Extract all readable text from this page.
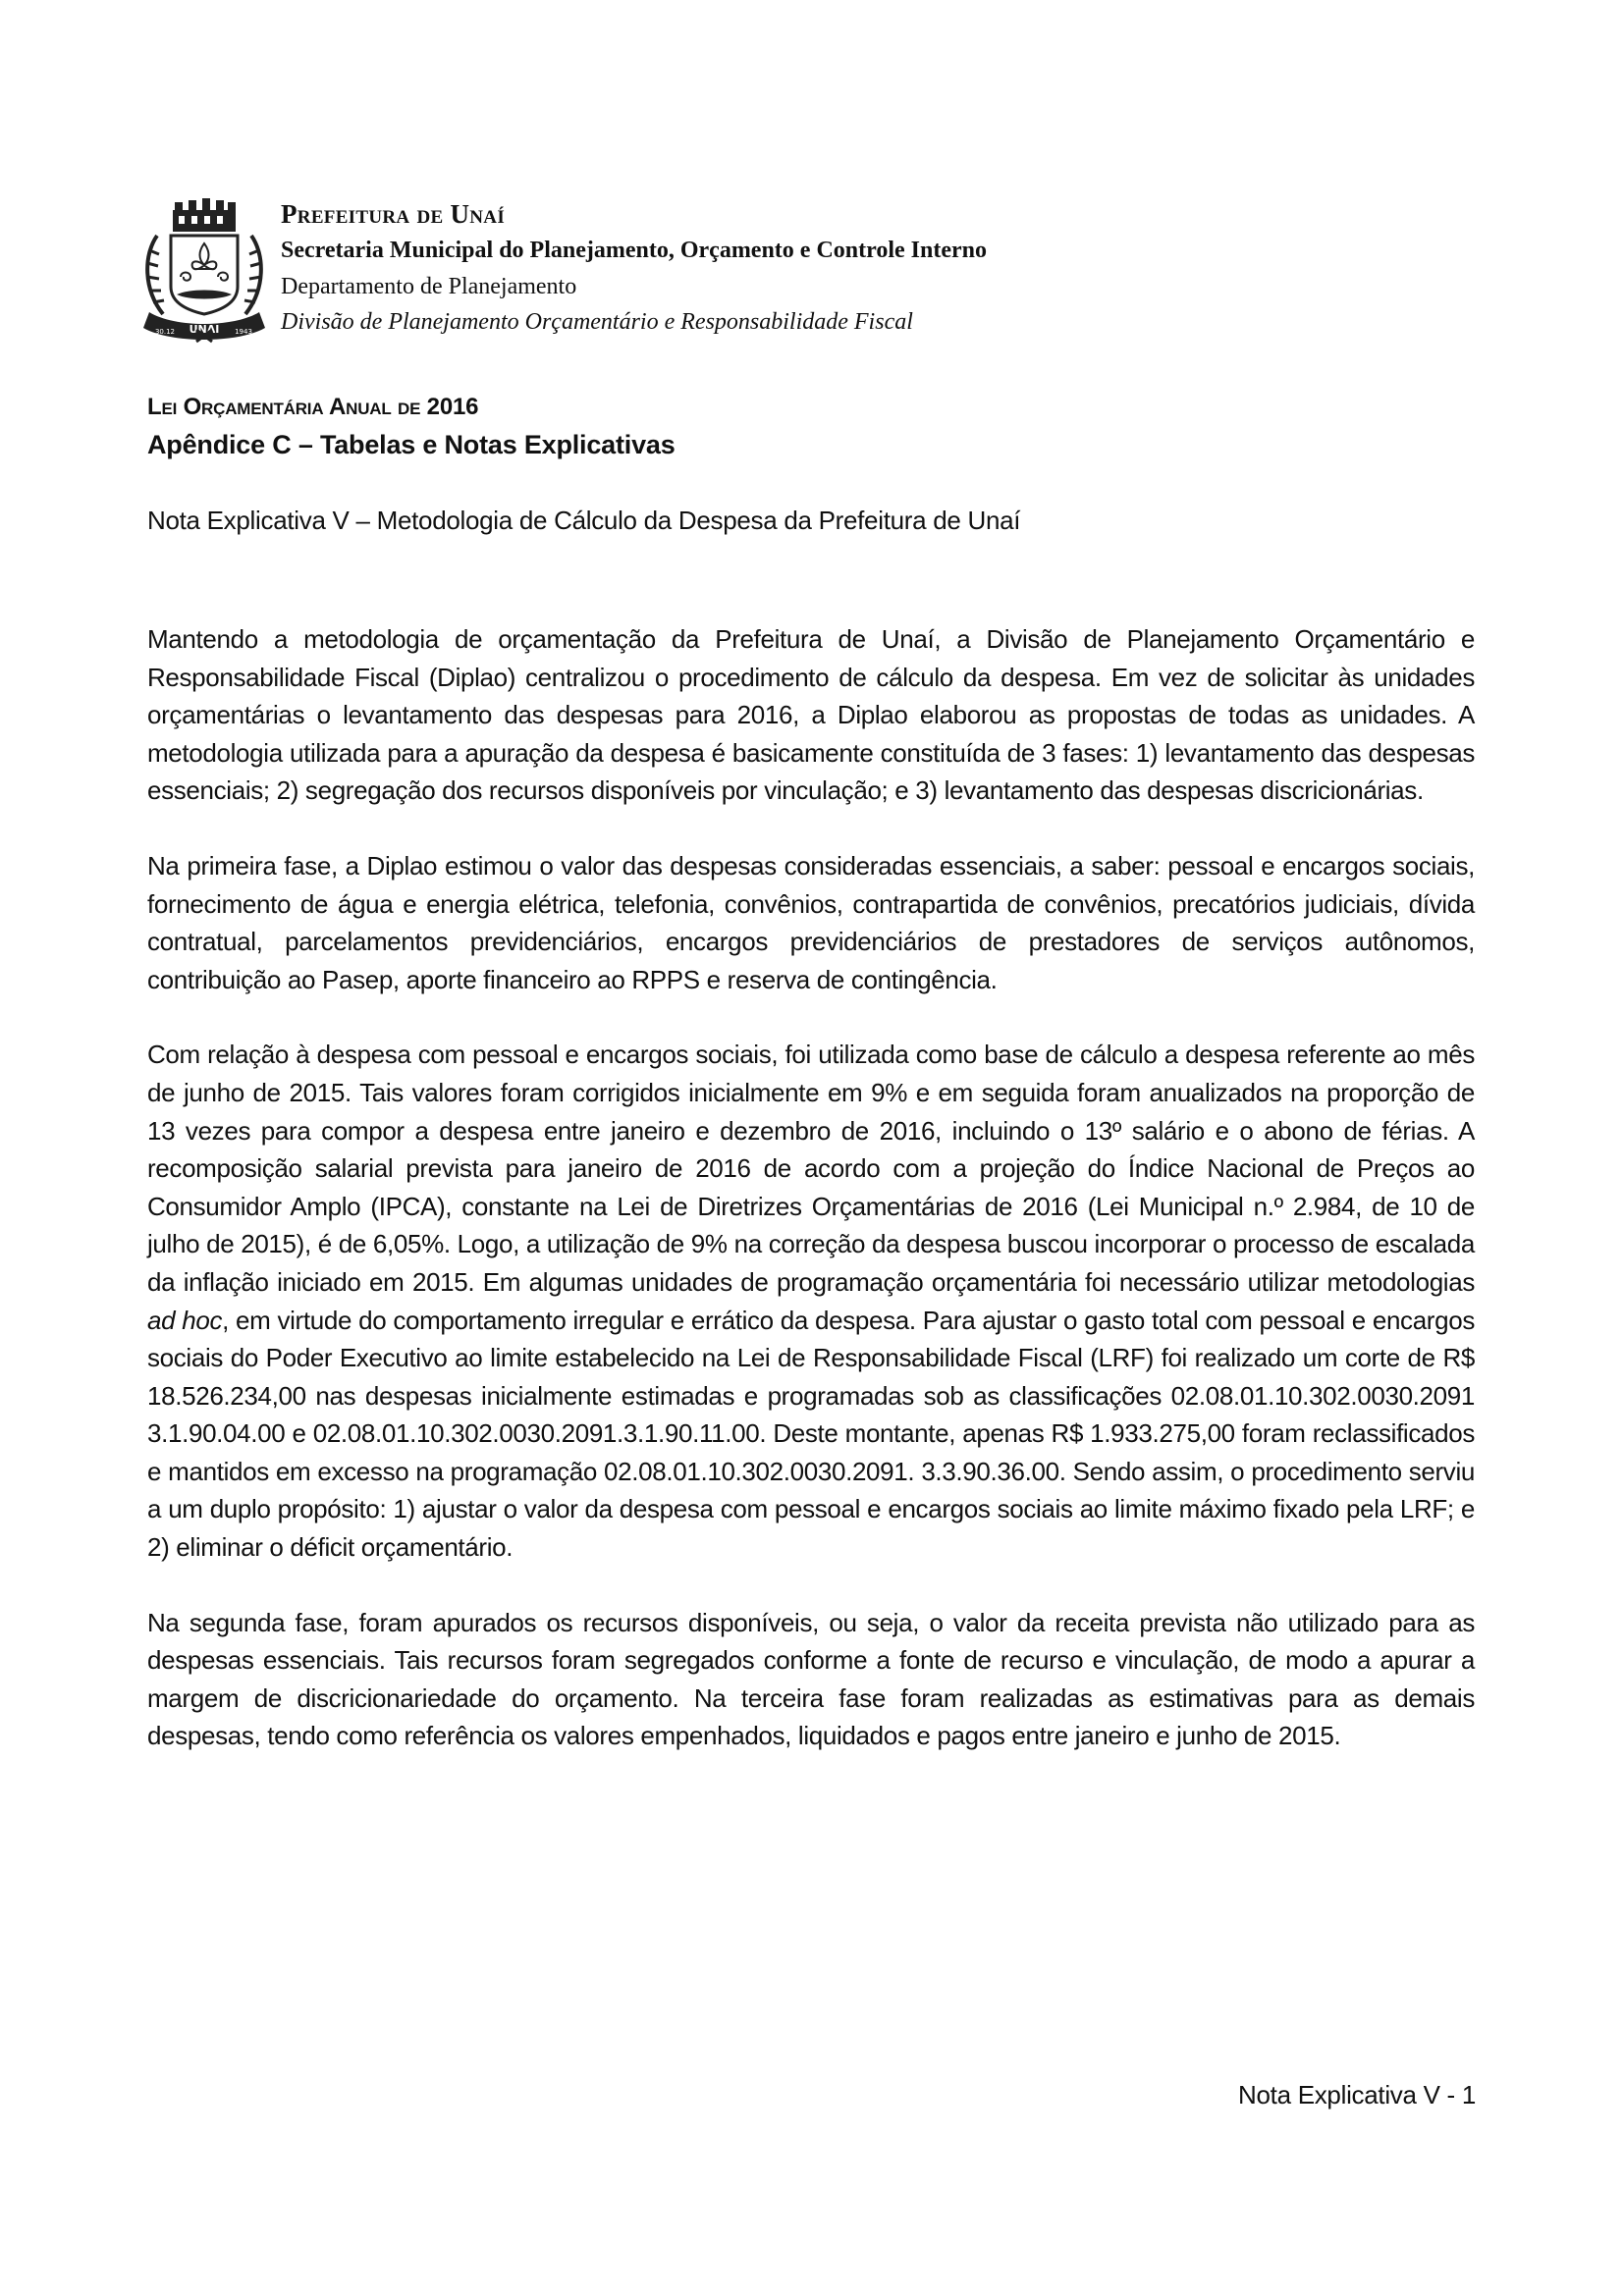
UNAI
30.12	1943
Prefeitura de Unaí
Secretaria Municipal do Planejamento, Orçamento e Controle Interno
Departamento de Planejamento
Divisão de Planejamento Orçamentário e Responsabilidade Fiscal
Lei Orçamentária Anual de 2016
Apêndice C – Tabelas e Notas Explicativas
Nota Explicativa V – Metodologia de Cálculo da Despesa da Prefeitura de Unaí

Mantendo a metodologia de orçamentação da Prefeitura de Unaí, a Divisão de Planejamento Orçamentário e Responsabilidade Fiscal (Diplao) centralizou o procedimento de cálculo da despesa. Em vez de solicitar às unidades orçamentárias o levantamento das despesas para 2016, a Diplao elaborou as propostas de todas as unidades. A metodologia utilizada para a apuração da despesa é basicamente constituída de 3 fases: 1) levantamento das despesas essenciais; 2) segregação dos recursos disponíveis por vinculação; e 3) levantamento das despesas discricionárias.

Na primeira fase, a Diplao estimou o valor das despesas consideradas essenciais, a saber: pessoal e encargos sociais, fornecimento de água e energia elétrica, telefonia, convênios, contrapartida de convênios, precatórios judiciais, dívida contratual, parcelamentos previdenciários, encargos previdenciários de prestadores de serviços autônomos, contribuição ao Pasep, aporte financeiro ao RPPS e reserva de contingência.

Com relação à despesa com pessoal e encargos sociais, foi utilizada como base de cálculo a despesa referente ao mês de junho de 2015. Tais valores foram corrigidos inicialmente em 9% e em seguida foram anualizados na proporção de 13 vezes para compor a despesa entre janeiro e dezembro de 2016, incluindo o 13º salário e o abono de férias. A recomposição salarial prevista para janeiro de 2016 de acordo com a projeção do Índice Nacional de Preços ao Consumidor Amplo (IPCA), constante na Lei de Diretrizes Orçamentárias de 2016 (Lei Municipal n.º 2.984, de 10 de julho de 2015), é de 6,05%. Logo, a utilização de 9% na correção da despesa buscou incorporar o processo de escalada da inflação iniciado em 2015. Em algumas unidades de programação orçamentária foi necessário utilizar metodologias ad hoc, em virtude do comportamento irregular e errático da despesa. Para ajustar o gasto total com pessoal e encargos sociais do Poder Executivo ao limite estabelecido na Lei de Responsabilidade Fiscal (LRF) foi realizado um corte de R$ 18.526.234,00 nas despesas inicialmente estimadas e programadas sob as classificações 02.08.01.10.302.0030.2091 3.1.90.04.00 e 02.08.01.10.302.0030.2091.3.1.90.11.00. Deste montante, apenas R$ 1.933.275,00 foram reclassificados e mantidos em excesso na programação 02.08.01.10.302.0030.2091. 3.3.90.36.00. Sendo assim, o procedimento serviu a um duplo propósito: 1) ajustar o valor da despesa com pessoal e encargos sociais ao limite máximo fixado pela LRF; e 2) eliminar o déficit orçamentário.

Na segunda fase, foram apurados os recursos disponíveis, ou seja, o valor da receita prevista não utilizado para as despesas essenciais. Tais recursos foram segregados conforme a fonte de recurso e vinculação, de modo a apurar a margem de discricionariedade do orçamento. Na terceira fase foram realizadas as estimativas para as demais despesas, tendo como referência os valores empenhados, liquidados e pagos entre janeiro e junho de 2015.

Nota Explicativa V - 1
